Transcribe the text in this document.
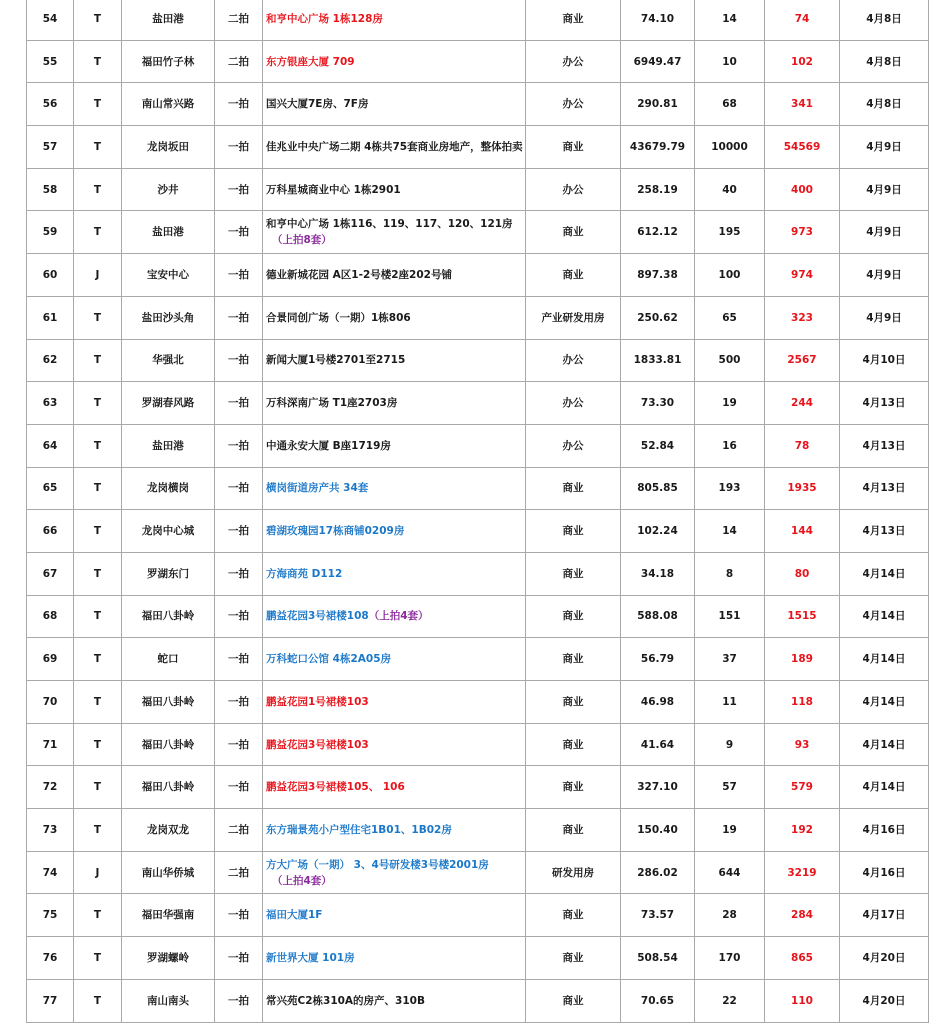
54	T	盐田港	二拍	和亨中心广场 1栋128房	商业	74.10	14	74	4月8日
55	T	福田竹子林	二拍	东方银座大厦 709	办公	6949.47	10	102	4月8日
56	T	南山常兴路	一拍	国兴大厦7E房、7F房	办公	290.81	68	341	4月8日
57	T	龙岗坂田	一拍	佳兆业中央广场二期 4栋共75套商业房地产，整体拍卖	商业	43679.79	10000	54569	4月9日
58	T	沙井	一拍	万科星城商业中心 1栋2901	办公	258.19	40	400	4月9日
59	T	盐田港	一拍	和亨中心广场 1栋116、119、117、120、121房
（上拍8套）	商业	612.12	195	973	4月9日
60	J	宝安中心	一拍	德业新城花园 A区1-2号楼2座202号铺	商业	897.38	100	974	4月9日
61	T	盐田沙头角	一拍	合景同创广场（一期）1栋806	产业研发用房	250.62	65	323	4月9日
62	T	华强北	一拍	新闻大厦1号楼2701至2715	办公	1833.81	500	2567	4月10日
63	T	罗湖春风路	一拍	万科深南广场 T1座2703房	办公	73.30	19	244	4月13日
64	T	盐田港	一拍	中通永安大厦 B座1719房	办公	52.84	16	78	4月13日
65	T	龙岗横岗	一拍	横岗街道房产共 34套	商业	805.85	193	1935	4月13日
66	T	龙岗中心城	一拍	碧湖玫瑰园17栋商铺0209房	商业	102.24	14	144	4月13日
67	T	罗湖东门	一拍	方海商苑 D112	商业	34.18	8	80	4月14日
68	T	福田八卦岭	一拍	鹏益花园3号裙楼108（上拍4套）	商业	588.08	151	1515	4月14日
69	T	蛇口	一拍	万科蛇口公馆 4栋2A05房	商业	56.79	37	189	4月14日
70	T	福田八卦岭	一拍	鹏益花园1号裙楼103	商业	46.98	11	118	4月14日
71	T	福田八卦岭	一拍	鹏益花园3号裙楼103	商业	41.64	9	93	4月14日
72	T	福田八卦岭	一拍	鹏益花园3号裙楼105、 106	商业	327.10	57	579	4月14日
73	T	龙岗双龙	二拍	东方瑞景苑小户型住宅1B01、1B02房	商业	150.40	19	192	4月16日
74	J	南山华侨城	二拍	方大广场（一期） 3、4号研发楼3号楼2001房
（上拍4套）	研发用房	286.02	644	3219	4月16日
75	T	福田华强南	一拍	福田大厦1F	商业	73.57	28	284	4月17日
76	T	罗湖螺岭	一拍	新世界大厦 101房	商业	508.54	170	865	4月20日
77	T	南山南头	一拍	常兴苑C2栋310A的房产、310B	商业	70.65	22	110	4月20日
